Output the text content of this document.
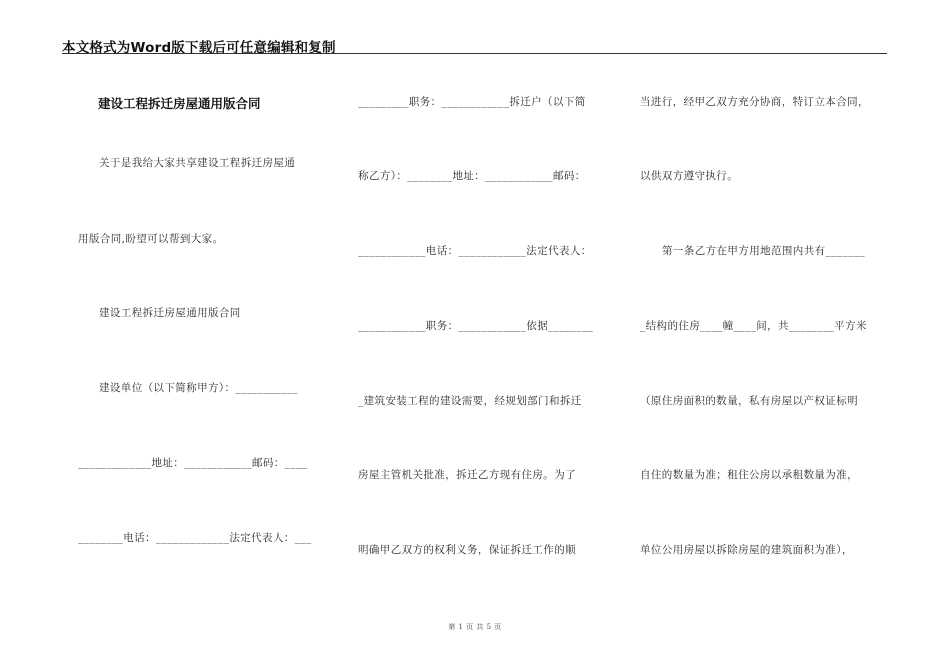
本文格式为Word版下载后可任意编辑和复制
建设工程拆迁房屋通用版合同
关于是我给大家共享建设工程拆迁房屋通
用版合同,盼望可以帮到大家。
建设工程拆迁房屋通用版合同
建设单位（以下简称甲方）：___________
_____________地址：____________邮码：____
________电话：_____________法定代表人：___
_________职务：____________拆迁户（以下简
称乙方）：________地址：____________邮码：
____________电话：____________法定代表人：
____________职务：____________依据________
_建筑安装工程的建设需要，经规划部门和拆迁
房屋主管机关批准，拆迁乙方现有住房。为了
明确甲乙双方的权利义务，保证拆迁工作的顺
当进行，经甲乙双方充分协商，特订立本合同，
以供双方遵守执行。
第一条乙方在甲方用地范围内共有_______
_结构的住房____幢____间，共________平方米
（原住房面积的数量，私有房屋以产权证标明
自住的数量为准；租住公房以承租数量为准，
单位公用房屋以拆除房屋的建筑面积为准），
第 1 页 共 5 页
